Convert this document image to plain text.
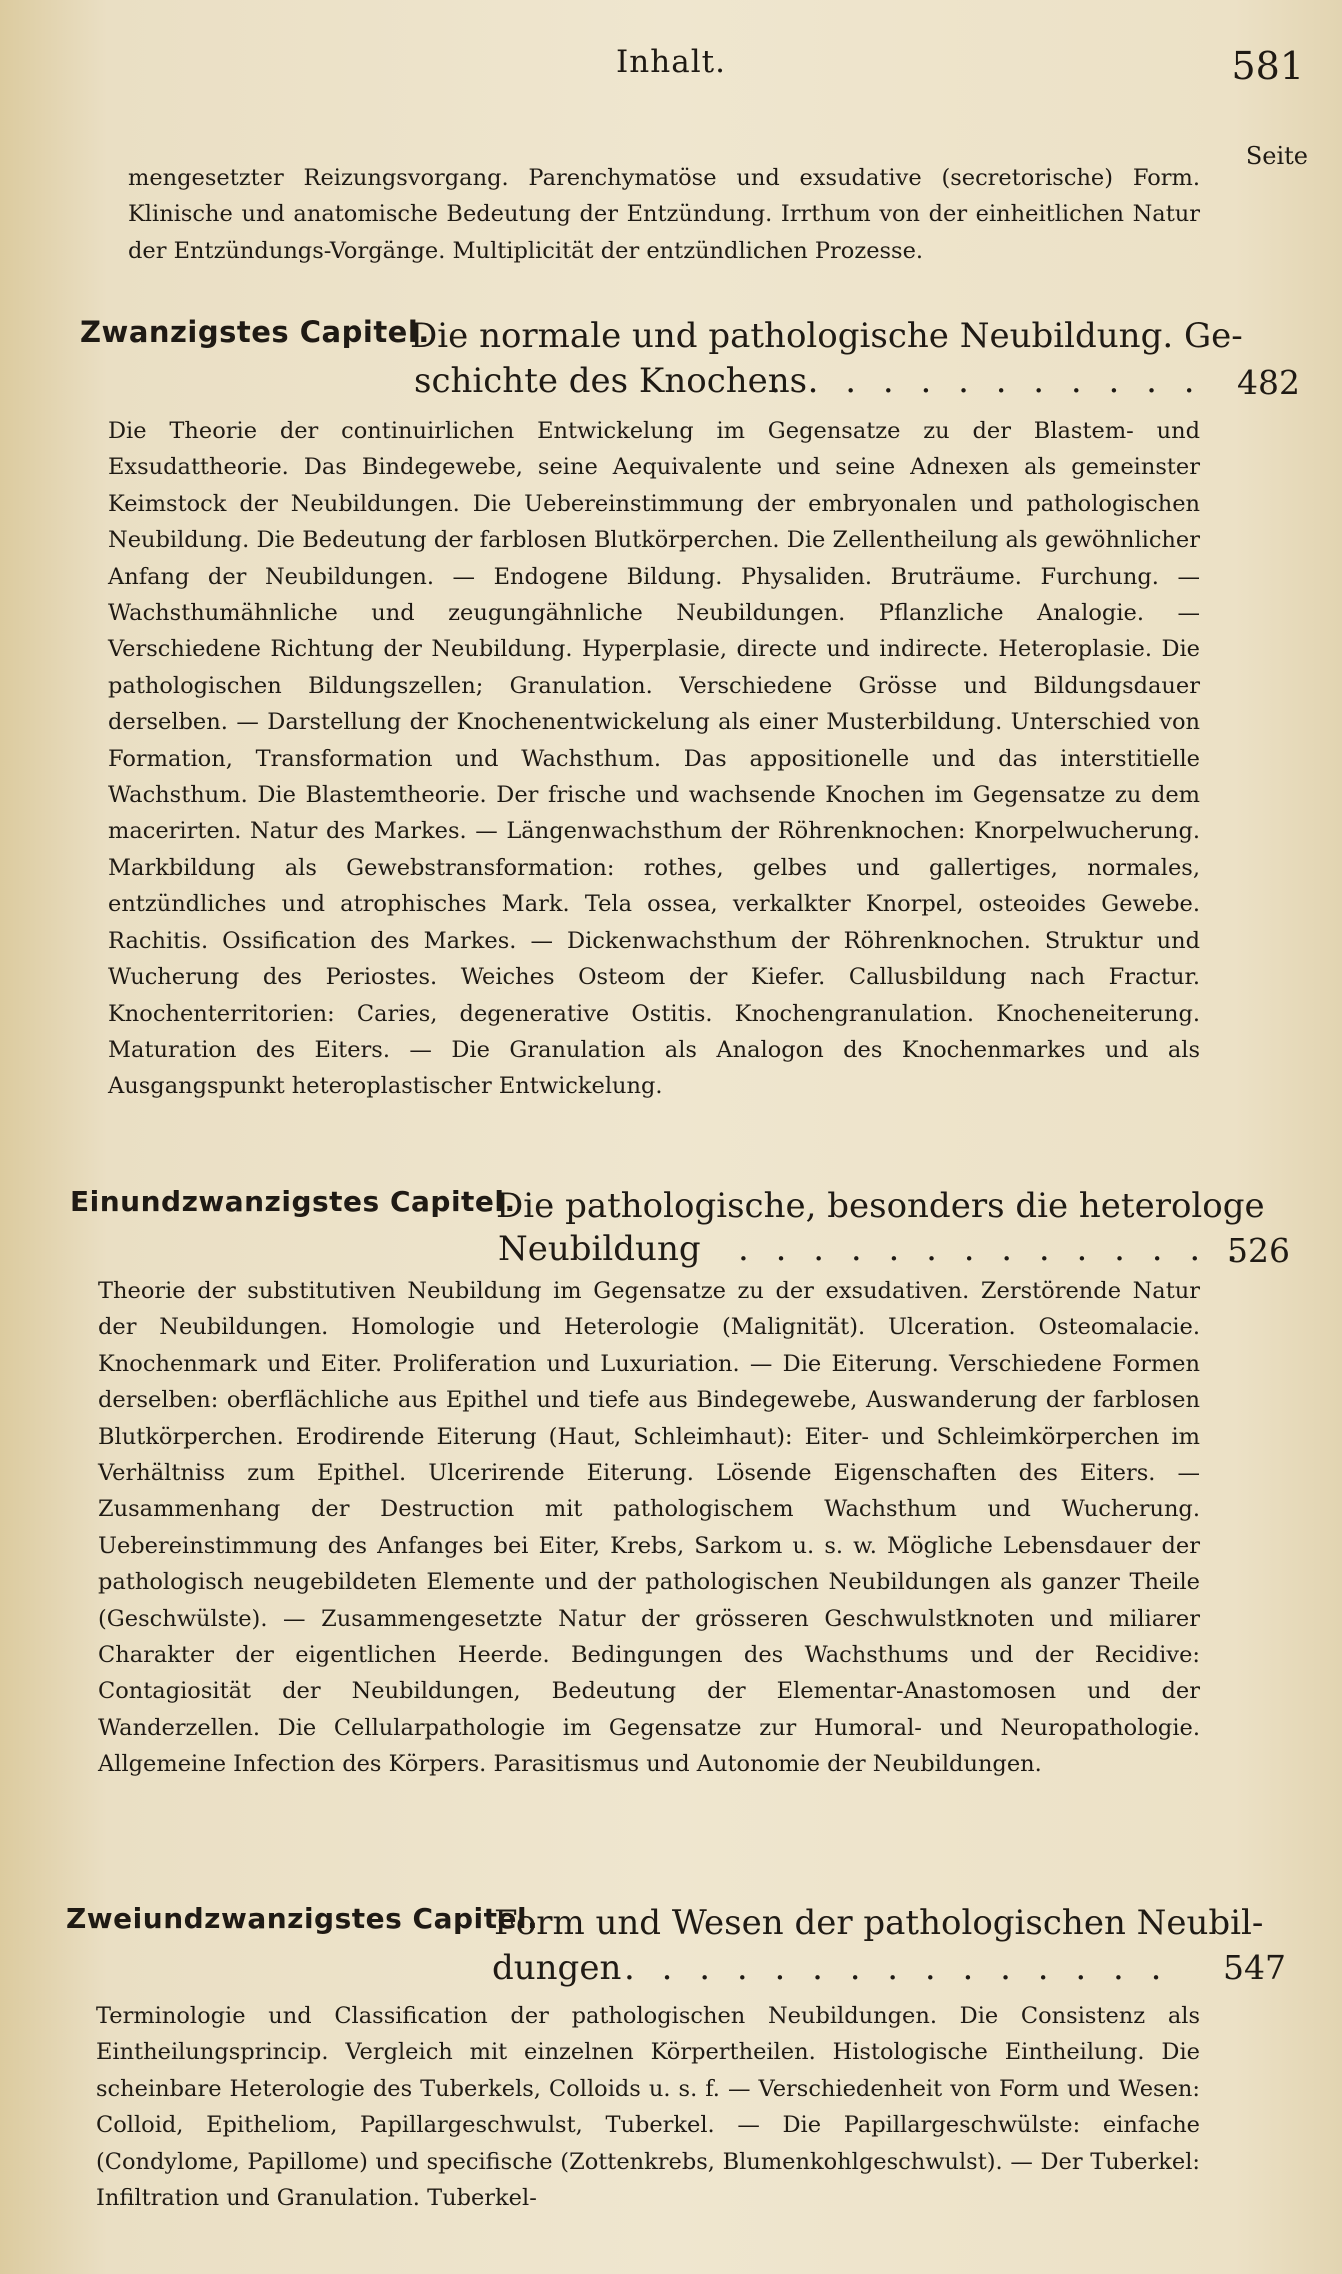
Inhalt.	581
Seite
mengesetzter Reizungsvorgang. Parenchymatöse und exsudative (secretorische) Form. Klinische und anatomische Bedeutung der Entzündung. Irrthum von der einheitlichen Natur der Entzündungs-Vorgänge. Multiplicität der entzündlichen Prozesse.
Zwanzigstes Capitel.
Die normale und pathologische Neubildung. Ge-
schichte des Knochens
. . . . . . . . . . . . 482
Die Theorie der continuirlichen Entwickelung im Gegensatze zu der Blastem- und Exsudattheorie. Das Bindegewebe, seine Aequivalente und seine Adnexen als gemeinster Keimstock der Neubildungen. Die Uebereinstimmung der embryonalen und pathologischen Neubildung. Die Bedeutung der farblosen Blutkörperchen. Die Zellentheilung als gewöhnlicher Anfang der Neubildungen. — Endogene Bildung. Physaliden. Bruträume. Furchung. — Wachsthumähnliche und zeugungähnliche Neubildungen. Pflanzliche Analogie. — Verschiedene Richtung der Neubildung. Hyperplasie, directe und indirecte. Heteroplasie. Die pathologischen Bildungszellen; Granulation. Verschiedene Grösse und Bildungsdauer derselben. — Darstellung der Knochenentwickelung als einer Musterbildung. Unterschied von Formation, Transformation und Wachsthum. Das appositionelle und das interstitielle Wachsthum. Die Blastemtheorie. Der frische und wachsende Knochen im Gegensatze zu dem macerirten. Natur des Markes. — Längenwachsthum der Röhrenknochen: Knorpelwucherung. Markbildung als Gewebstransformation: rothes, gelbes und gallertiges, normales, entzündliches und atrophisches Mark. Tela ossea, verkalkter Knorpel, osteoides Gewebe. Rachitis. Ossification des Markes. — Dickenwachsthum der Röhrenknochen. Struktur und Wucherung des Periostes. Weiches Osteom der Kiefer. Callusbildung nach Fractur. Knochenterritorien: Caries, degenerative Ostitis. Knochengranulation. Knocheneiterung. Maturation des Eiters. — Die Granulation als Analogon des Knochenmarkes und als Ausgangspunkt heteroplastischer Entwickelung.
Einundzwanzigstes Capitel.
Die pathologische, besonders die heterologe
Neubildung . . . . . . . . . . . . . .
526
Theorie der substitutiven Neubildung im Gegensatze zu der exsudativen. Zerstörende Natur der Neubildungen. Homologie und Heterologie (Malignität). Ulceration. Osteomalacie. Knochenmark und Eiter. Proliferation und Luxuriation. — Die Eiterung. Verschiedene Formen derselben: oberflächliche aus Epithel und tiefe aus Bindegewebe, Auswanderung der farblosen Blutkörperchen. Erodirende Eiterung (Haut, Schleimhaut): Eiter- und Schleimkörperchen im Verhältniss zum Epithel. Ulcerirende Eiterung. Lösende Eigenschaften des Eiters. — Zusammenhang der Destruction mit pathologischem Wachsthum und Wucherung. Uebereinstimmung des Anfanges bei Eiter, Krebs, Sarkom u. s. w. Mögliche Lebensdauer der pathologisch neugebildeten Elemente und der pathologischen Neubildungen als ganzer Theile (Geschwülste). — Zusammengesetzte Natur der grösseren Geschwulstknoten und miliarer Charakter der eigentlichen Heerde. Bedingungen des Wachsthums und der Recidive: Contagiosität der Neubildungen, Bedeutung der Elementar-Anastomosen und der Wanderzellen. Die Cellularpathologie im Gegensatze zur Humoral- und Neuropathologie. Allgemeine Infection des Körpers. Parasitismus und Autonomie der Neubildungen.
Zweiundzwanzigstes Capitel.
Form und Wesen der pathologischen Neubil-
dungen . . . . . . . . . . . . . . . 547
Terminologie und Classification der pathologischen Neubildungen. Die Consistenz als Eintheilungsprincip. Vergleich mit einzelnen Körpertheilen. Histologische Eintheilung. Die scheinbare Heterologie des Tuberkels, Colloids u. s. f. — Verschiedenheit von Form und Wesen: Colloid, Epitheliom, Papillargeschwulst, Tuberkel. — Die Papillargeschwülste: einfache (Condylome, Papillome) und specifische (Zottenkrebs, Blumenkohlgeschwulst). — Der Tuberkel: Infiltration und Granulation. Tuberkel-
